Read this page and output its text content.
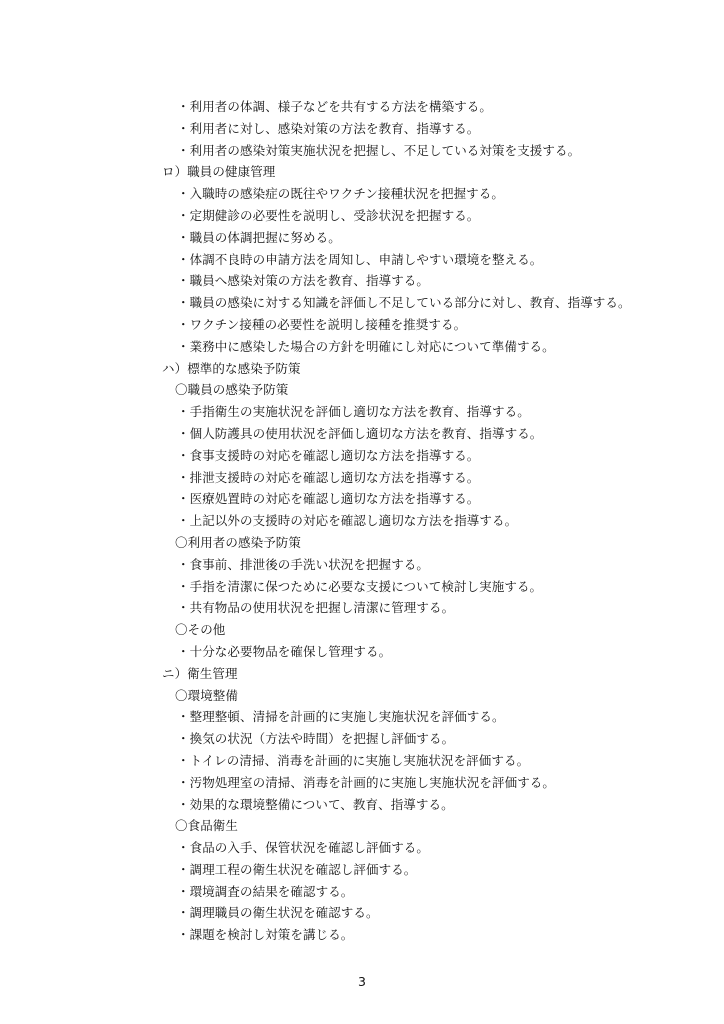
・利用者の体調、様子などを共有する方法を構築する。
・利用者に対し、感染対策の方法を教育、指導する。
・利用者の感染対策実施状況を把握し、不足している対策を支援する。
ロ）職員の健康管理
・入職時の感染症の既往やワクチン接種状況を把握する。
・定期健診の必要性を説明し、受診状況を把握する。
・職員の体調把握に努める。
・体調不良時の申請方法を周知し、申請しやすい環境を整える。
・職員へ感染対策の方法を教育、指導する。
・職員の感染に対する知識を評価し不足している部分に対し、教育、指導する。
・ワクチン接種の必要性を説明し接種を推奨する。
・業務中に感染した場合の方針を明確にし対応について準備する。
ハ）標準的な感染予防策
〇職員の感染予防策
・手指衛生の実施状況を評価し適切な方法を教育、指導する。
・個人防護具の使用状況を評価し適切な方法を教育、指導する。
・食事支援時の対応を確認し適切な方法を指導する。
・排泄支援時の対応を確認し適切な方法を指導する。
・医療処置時の対応を確認し適切な方法を指導する。
・上記以外の支援時の対応を確認し適切な方法を指導する。
〇利用者の感染予防策
・食事前、排泄後の手洗い状況を把握する。
・手指を清潔に保つために必要な支援について検討し実施する。
・共有物品の使用状況を把握し清潔に管理する。
〇その他
・十分な必要物品を確保し管理する。
ニ）衛生管理
〇環境整備
・整理整頓、清掃を計画的に実施し実施状況を評価する。
・換気の状況（方法や時間）を把握し評価する。
・トイレの清掃、消毒を計画的に実施し実施状況を評価する。
・汚物処理室の清掃、消毒を計画的に実施し実施状況を評価する。
・効果的な環境整備について、教育、指導する。
〇食品衛生
・食品の入手、保管状況を確認し評価する。
・調理工程の衛生状況を確認し評価する。
・環境調査の結果を確認する。
・調理職員の衛生状況を確認する。
・課題を検討し対策を講じる。
3
